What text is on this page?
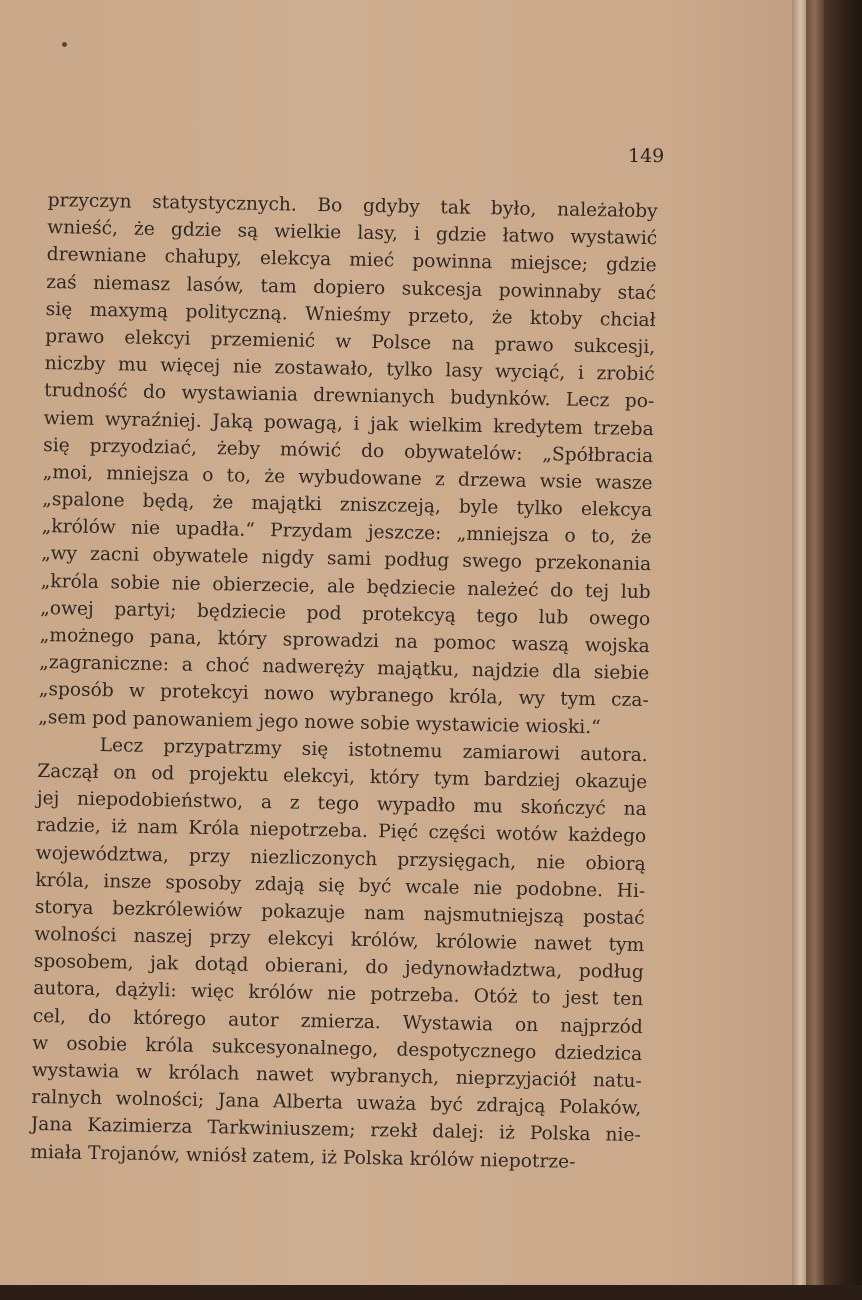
149

przyczyn statystycznych. Bo gdyby tak było, należałoby
wnieść, że gdzie są wielkie lasy, i gdzie łatwo wystawić
drewniane chałupy, elekcya mieć powinna miejsce; gdzie
zaś niemasz lasów, tam dopiero sukcesja powinnaby stać
się maxymą polityczną. Wnieśmy przeto, że ktoby chciał
prawo elekcyi przemienić w Polsce na prawo sukcesji,
niczby mu więcej nie zostawało, tylko lasy wyciąć, i zrobić
trudność do wystawiania drewnianych budynków. Lecz po-
wiem wyraźniej. Jaką powagą, i jak wielkim kredytem trzeba
się przyodziać, żeby mówić do obywatelów: „Spółbracia
„moi, mniejsza o to, że wybudowane z drzewa wsie wasze
„spalone będą, że majątki zniszczeją, byle tylko elekcya
„królów nie upadła.“ Przydam jeszcze: „mniejsza o to, że
„wy zacni obywatele nigdy sami podług swego przekonania
„króla sobie nie obierzecie, ale będziecie należeć do tej lub
„owej partyi; będziecie pod protekcyą tego lub owego
„możnego pana, który sprowadzi na pomoc waszą wojska
„zagraniczne: a choć nadweręży majątku, najdzie dla siebie
„sposób w protekcyi nowo wybranego króla, wy tym cza-
„sem pod panowaniem jego nowe sobie wystawicie wioski.“
Lecz przypatrzmy się istotnemu zamiarowi autora.
Zaczął on od projektu elekcyi, który tym bardziej okazuje
jej niepodobieństwo, a z tego wypadło mu skończyć na
radzie, iż nam Króla niepotrzeba. Pięć części wotów każdego
województwa, przy niezliczonych przysięgach, nie obiorą
króla, insze sposoby zdają się być wcale nie podobne. Hi-
storya bezkrólewiów pokazuje nam najsmutniejszą postać
wolności naszej przy elekcyi królów, królowie nawet tym
sposobem, jak dotąd obierani, do jedynowładztwa, podług
autora, dążyli: więc królów nie potrzeba. Otóż to jest ten
cel, do którego autor zmierza. Wystawia on najprzód
w osobie króla sukcesyonalnego, despotycznego dziedzica
wystawia w królach nawet wybranych, nieprzyjaciół natu-
ralnych wolności; Jana Alberta uważa być zdrajcą Polaków,
Jana Kazimierza Tarkwiniuszem; rzekł dalej: iż Polska nie-
miała Trojanów, wniósł zatem, iż Polska królów niepotrze-
